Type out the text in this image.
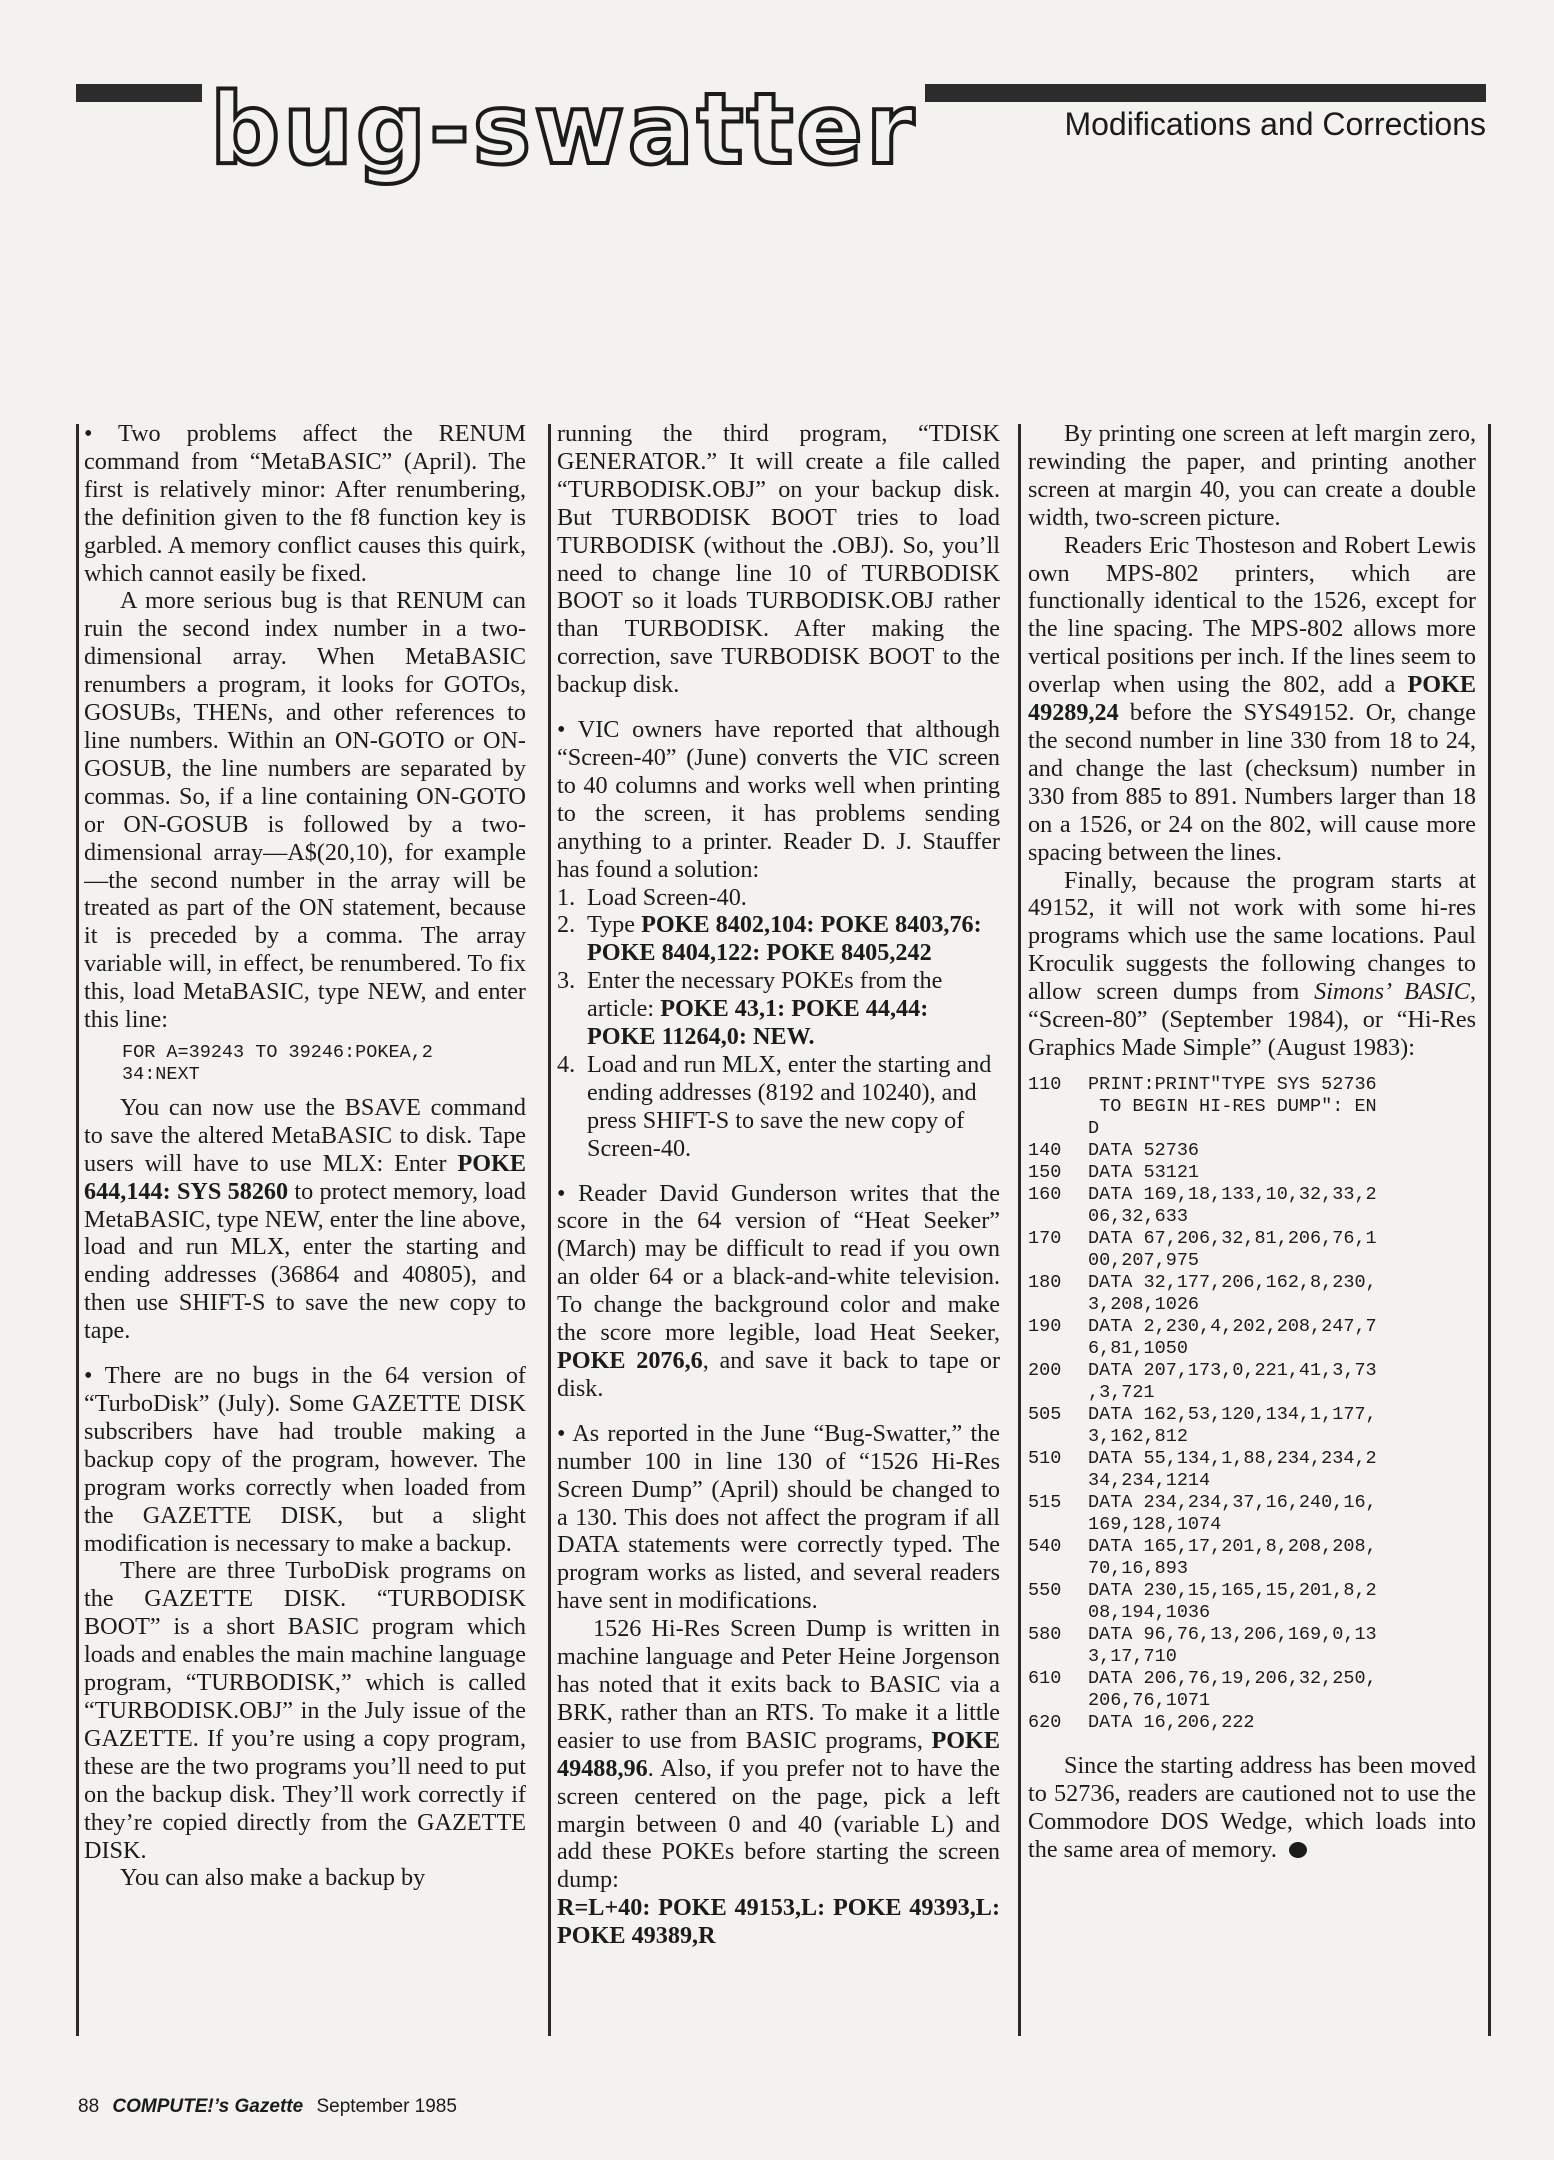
bug-swatter	Modifications and Corrections

• Two problems affect the RENUM command from “MetaBASIC” (April). The first is relatively minor: After renumbering, the definition given to the f8 function key is garbled. A memory conflict causes this quirk, which cannot easily be fixed.

A more serious bug is that RENUM can ruin the second index number in a two-dimensional array. When MetaBASIC renumbers a program, it looks for GOTOs, GOSUBs, THENs, and other references to line numbers. Within an ON-GOTO or ON-GOSUB, the line numbers are separated by commas. So, if a line containing ON-GOTO or ON-GOSUB is followed by a two-dimensional array—A$(20,10), for example—the second number in the array will be treated as part of the ON statement, because it is preceded by a comma. The array variable will, in effect, be renumbered. To fix this, load MetaBASIC, type NEW, and enter this line:

FOR A=39243 TO 39246:POKEA,2
34:NEXT

You can now use the BSAVE command to save the altered MetaBASIC to disk. Tape users will have to use MLX: Enter POKE 644,144: SYS 58260 to protect memory, load MetaBASIC, type NEW, enter the line above, load and run MLX, enter the starting and ending addresses (36864 and 40805), and then use SHIFT-S to save the new copy to tape.

• There are no bugs in the 64 version of “TurboDisk” (July). Some GAZETTE DISK subscribers have had trouble making a backup copy of the program, however. The program works correctly when loaded from the GAZETTE DISK, but a slight modification is necessary to make a backup.

There are three TurboDisk programs on the GAZETTE DISK. “TURBODISK BOOT” is a short BASIC program which loads and enables the main machine language program, “TURBODISK,” which is called “TURBODISK.OBJ” in the July issue of the GAZETTE. If you’re using a copy program, these are the two programs you’ll need to put on the backup disk. They’ll work correctly if they’re copied directly from the GAZETTE DISK.

You can also make a backup by

running the third program, “TDISK GENERATOR.” It will create a file called “TURBODISK.OBJ” on your backup disk. But TURBODISK BOOT tries to load TURBODISK (without the .OBJ). So, you’ll need to change line 10 of TURBODISK BOOT so it loads TURBODISK.OBJ rather than TURBODISK. After making the correction, save TURBODISK BOOT to the backup disk.

• VIC owners have reported that although “Screen-40” (June) converts the VIC screen to 40 columns and works well when printing to the screen, it has problems sending anything to a printer. Reader D. J. Stauffer has found a solution:

1. Load Screen-40.
2. Type POKE 8402,104: POKE 8403,76: POKE 8404,122: POKE 8405,242
3. Enter the necessary POKEs from the article: POKE 43,1: POKE 44,44: POKE 11264,0: NEW.
4. Load and run MLX, enter the starting and ending addresses (8192 and 10240), and press SHIFT-S to save the new copy of Screen-40.

• Reader David Gunderson writes that the score in the 64 version of “Heat Seeker” (March) may be difficult to read if you own an older 64 or a black-and-white television. To change the background color and make the score more legible, load Heat Seeker, POKE 2076,6, and save it back to tape or disk.

• As reported in the June “Bug-Swatter,” the number 100 in line 130 of “1526 Hi-Res Screen Dump” (April) should be changed to a 130. This does not affect the program if all DATA statements were correctly typed. The program works as listed, and several readers have sent in modifications.

1526 Hi-Res Screen Dump is written in machine language and Peter Heine Jorgenson has noted that it exits back to BASIC via a BRK, rather than an RTS. To make it a little easier to use from BASIC programs, POKE 49488,96. Also, if you prefer not to have the screen centered on the page, pick a left margin between 0 and 40 (variable L) and add these POKEs before starting the screen dump:

R=L+40: POKE 49153,L: POKE 49393,L: POKE 49389,R

By printing one screen at left margin zero, rewinding the paper, and printing another screen at margin 40, you can create a double width, two-screen picture.

Readers Eric Thosteson and Robert Lewis own MPS-802 printers, which are functionally identical to the 1526, except for the line spacing. The MPS-802 allows more vertical positions per inch. If the lines seem to overlap when using the 802, add a POKE 49289,24 before the SYS49152. Or, change the second number in line 330 from 18 to 24, and change the last (checksum) number in 330 from 885 to 891. Numbers larger than 18 on a 1526, or 24 on the 802, will cause more spacing between the lines.

Finally, because the program starts at 49152, it will not work with some hi-res programs which use the same locations. Paul Kroculik suggests the following changes to allow screen dumps from Simons’ BASIC, “Screen-80” (September 1984), or “Hi-Res Graphics Made Simple” (August 1983):

110	PRINT:PRINT"TYPE SYS 52736
TO BEGIN HI-RES DUMP": EN
D
140	DATA 52736
150	DATA 53121
160	DATA 169,18,133,10,32,33,2
06,32,633
170	DATA 67,206,32,81,206,76,1
00,207,975
180	DATA 32,177,206,162,8,230,
3,208,1026
190	DATA 2,230,4,202,208,247,7
6,81,1050
200	DATA 207,173,0,221,41,3,73
,3,721
505	DATA 162,53,120,134,1,177,
3,162,812
510	DATA 55,134,1,88,234,234,2
34,234,1214
515	DATA 234,234,37,16,240,16,
169,128,1074
540	DATA 165,17,201,8,208,208,
70,16,893
550	DATA 230,15,165,15,201,8,2
08,194,1036
580	DATA 96,76,13,206,169,0,13
3,17,710
610	DATA 206,76,19,206,32,250,
206,76,1071
620	DATA 16,206,222

Since the starting address has been moved to 52736, readers are cautioned not to use the Commodore DOS Wedge, which loads into the same area of memory.

88 COMPUTE!’s Gazette September 1985
